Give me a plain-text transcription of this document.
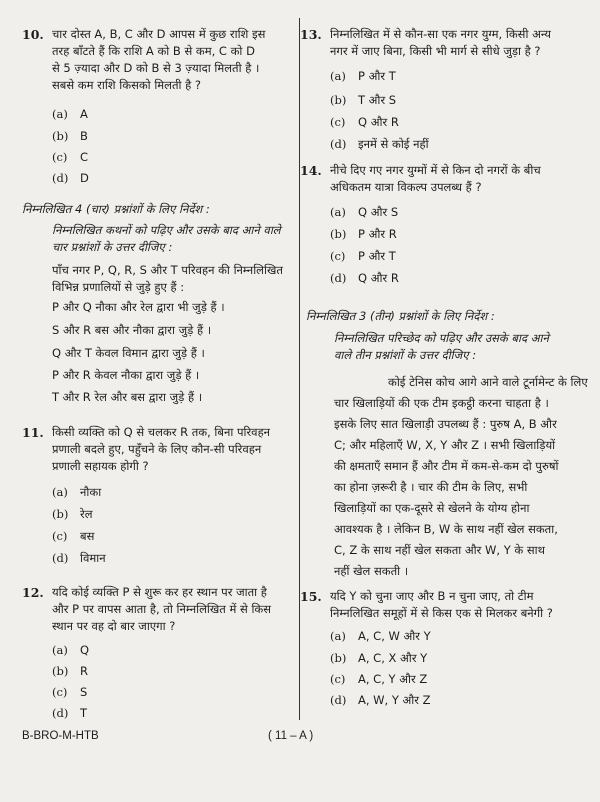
10. चार दोस्त A, B, C और D आपस में कुछ राशि इस
तरह बाँटते हैं कि राशि A को B से कम, C को D
से 5 ज़्यादा और D को B से 3 ज़्यादा मिलती है ।
सबसे कम राशि किसको मिलती है ?
(a) A
(b) B
(c) C
(d) D
निम्नलिखित 4 (चार) प्रश्नांशों के लिए निर्देश :
निम्नलिखित कथनों को पढ़िए और उसके बाद आने वाले
चार प्रश्नांशों के उत्तर दीजिए :
पाँच नगर P, Q, R, S और T परिवहन की निम्नलिखित
विभिन्न प्रणालियों से जुड़े हुए हैं :
P और Q नौका और रेल द्वारा भी जुड़े हैं ।
S और R बस और नौका द्वारा जुड़े हैं ।
Q और T केवल विमान द्वारा जुड़े हैं ।
P और R केवल नौका द्वारा जुड़े हैं ।
T और R रेल और बस द्वारा जुड़े हैं ।
11. किसी व्यक्ति को Q से चलकर R तक, बिना परिवहन
प्रणाली बदले हुए, पहुँचने के लिए कौन-सी परिवहन
प्रणाली सहायक होगी ?
(a) नौका
(b) रेल
(c) बस
(d) विमान
12. यदि कोई व्यक्ति P से शुरू कर हर स्थान पर जाता है
और P पर वापस आता है, तो निम्नलिखित में से किस
स्थान पर वह दो बार जाएगा ?
(a) Q
(b) R
(c) S
(d) T
13. निम्नलिखित में से कौन-सा एक नगर युग्म, किसी अन्य
नगर में जाए बिना, किसी भी मार्ग से सीधे जुड़ा है ?
(a) P और T
(b) T और S
(c) Q और R
(d) इनमें से कोई नहीं
14. नीचे दिए गए नगर युग्मों में से किन दो नगरों के बीच
अधिकतम यात्रा विकल्प उपलब्ध हैं ?
(a) Q और S
(b) P और R
(c) P और T
(d) Q और R
निम्नलिखित 3 (तीन) प्रश्नांशों के लिए निर्देश :
निम्नलिखित परिच्छेद को पढ़िए और उसके बाद आने
वाले तीन प्रश्नांशों के उत्तर दीजिए :
कोई टेनिस कोच आगे आने वाले टूर्नामेन्ट के लिए
चार खिलाड़ियों की एक टीम इकट्ठी करना चाहता है ।
इसके लिए सात खिलाड़ी उपलब्ध हैं : पुरुष A, B और
C; और महिलाएँ W, X, Y और Z । सभी खिलाड़ियों
की क्षमताएँ समान हैं और टीम में कम-से-कम दो पुरुषों
का होना ज़रूरी है । चार की टीम के लिए, सभी
खिलाड़ियों का एक-दूसरे से खेलने के योग्य होना
आवश्यक है । लेकिन B, W के साथ नहीं खेल सकता,
C, Z के साथ नहीं खेल सकता और W, Y के साथ
नहीं खेल सकती ।
15. यदि Y को चुना जाए और B न चुना जाए, तो टीम
निम्नलिखित समूहों में से किस एक से मिलकर बनेगी ?
(a) A, C, W और Y
(b) A, C, X और Y
(c) A, C, Y और Z
(d) A, W, Y और Z
B-BRO-M-HTB	( 11 – A )
